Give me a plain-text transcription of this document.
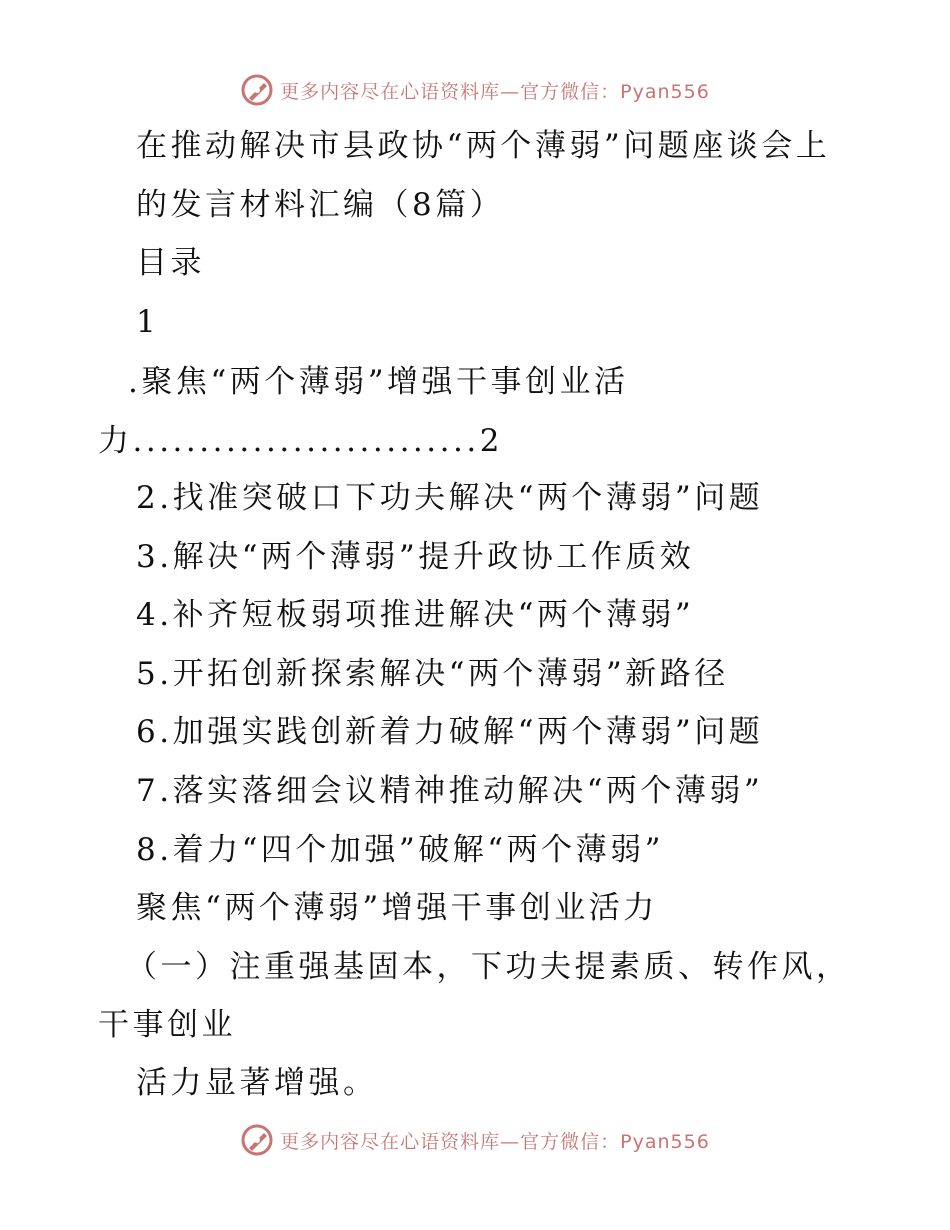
更多内容尽在心语资料库—官方微信：Pyan556
在推动解决市县政协“两个薄弱”问题座谈会上
的发言材料汇编（8篇）
目录
1
.聚焦“两个薄弱”增强干事创业活
力..........................2
2.找准突破口下功夫解决“两个薄弱”问题
3.解决“两个薄弱”提升政协工作质效
4.补齐短板弱项推进解决“两个薄弱”
5.开拓创新探索解决“两个薄弱”新路径
6.加强实践创新着力破解“两个薄弱”问题
7.落实落细会议精神推动解决“两个薄弱”
8.着力“四个加强”破解“两个薄弱”
聚焦“两个薄弱”增强干事创业活力
（一）注重强基固本，下功夫提素质、转作风，
干事创业
活力显著增强。
更多内容尽在心语资料库—官方微信：Pyan556
